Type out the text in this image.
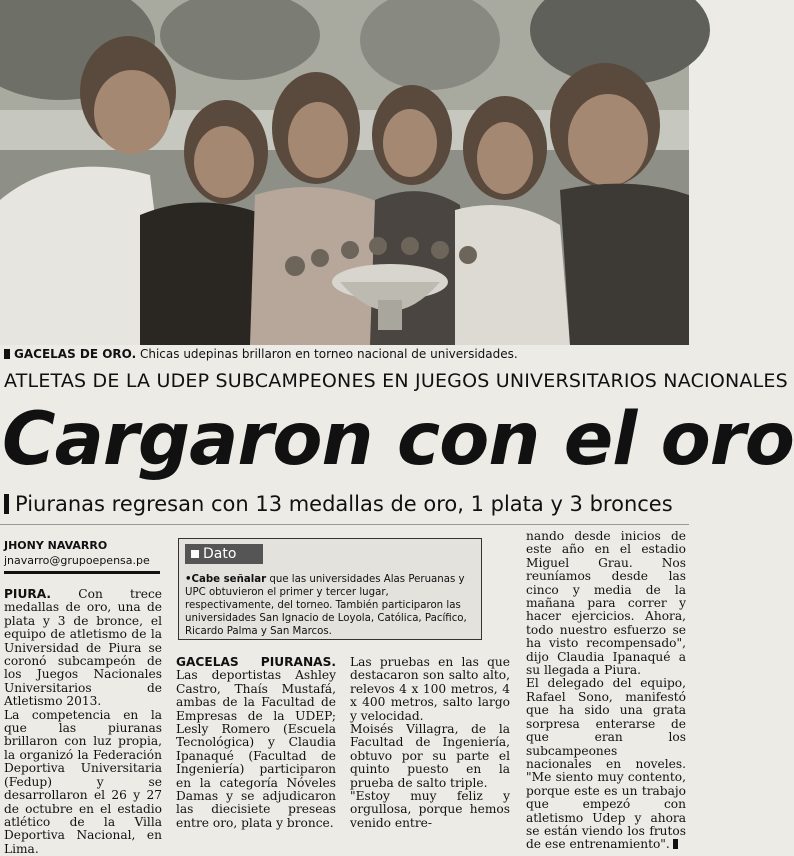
GACELAS DE ORO. Chicas udepinas brillaron en torneo nacional de universidades.
ATLETAS DE LA UDEP SUBCAMPEONES EN JUEGOS UNIVERSITARIOS NACIONALES
Cargaron con el oro
Piuranas regresan con 13 medallas de oro, 1 plata y 3 bronces
JHONY NAVARRO
jnavarro@grupoepensa.pe

PIURA. Con trece medallas de oro, una de plata y 3 de bronce, el equipo de atletismo de la Universidad de Piura se coronó subcampeón de los Juegos Nacionales Universitarios de Atletismo 2013.

La competencia en la que las piuranas brillaron con luz propia, la organizó la Federación Deportiva Universitaria (Fedup) y se desarrollaron el 26 y 27 de octubre en el estadio atlético de la Villa Deportiva Nacional, en Lima.

Dato
•Cabe señalar que las universidades Alas Peruanas y UPC obtuvieron el primer y tercer lugar, respectivamente, del torneo. También participaron las universidades San Ignacio de Loyola, Católica, Pacífico, Ricardo Palma y San Marcos.

GACELAS PIURANAS. Las deportistas Ashley Castro, Thaís Mustafá, ambas de la Facultad de Empresas de la UDEP; Lesly Romero (Escuela Tecnológica) y Claudia Ipanaqué (Facultad de Ingeniería) participaron en la categoría Nóveles Damas y se adjudicaron las diecisiete preseas entre oro, plata y bronce.

Las pruebas en las que destacaron son salto alto, relevos 4 x 100 metros, 4 x 400 metros, salto largo y velocidad.

Moisés Villagra, de la Facultad de Ingeniería, obtuvo por su parte el quinto puesto en la prueba de salto triple.

"Estoy muy feliz y orgullosa, porque hemos venido entre-

nando desde inicios de este año en el estadio Miguel Grau. Nos reuníamos desde las cinco y media de la mañana para correr y hacer ejercicios. Ahora, todo nuestro esfuerzo se ha visto recompensado", dijo Claudia Ipanaqué a su llegada a Piura.

El delegado del equipo, Rafael Sono, manifestó que ha sido una grata sorpresa enterarse de que eran los subcampeones nacionales en noveles. "Me siento muy contento, porque este es un trabajo que empezó con atletismo Udep y ahora se están viendo los frutos de ese entrenamiento".
